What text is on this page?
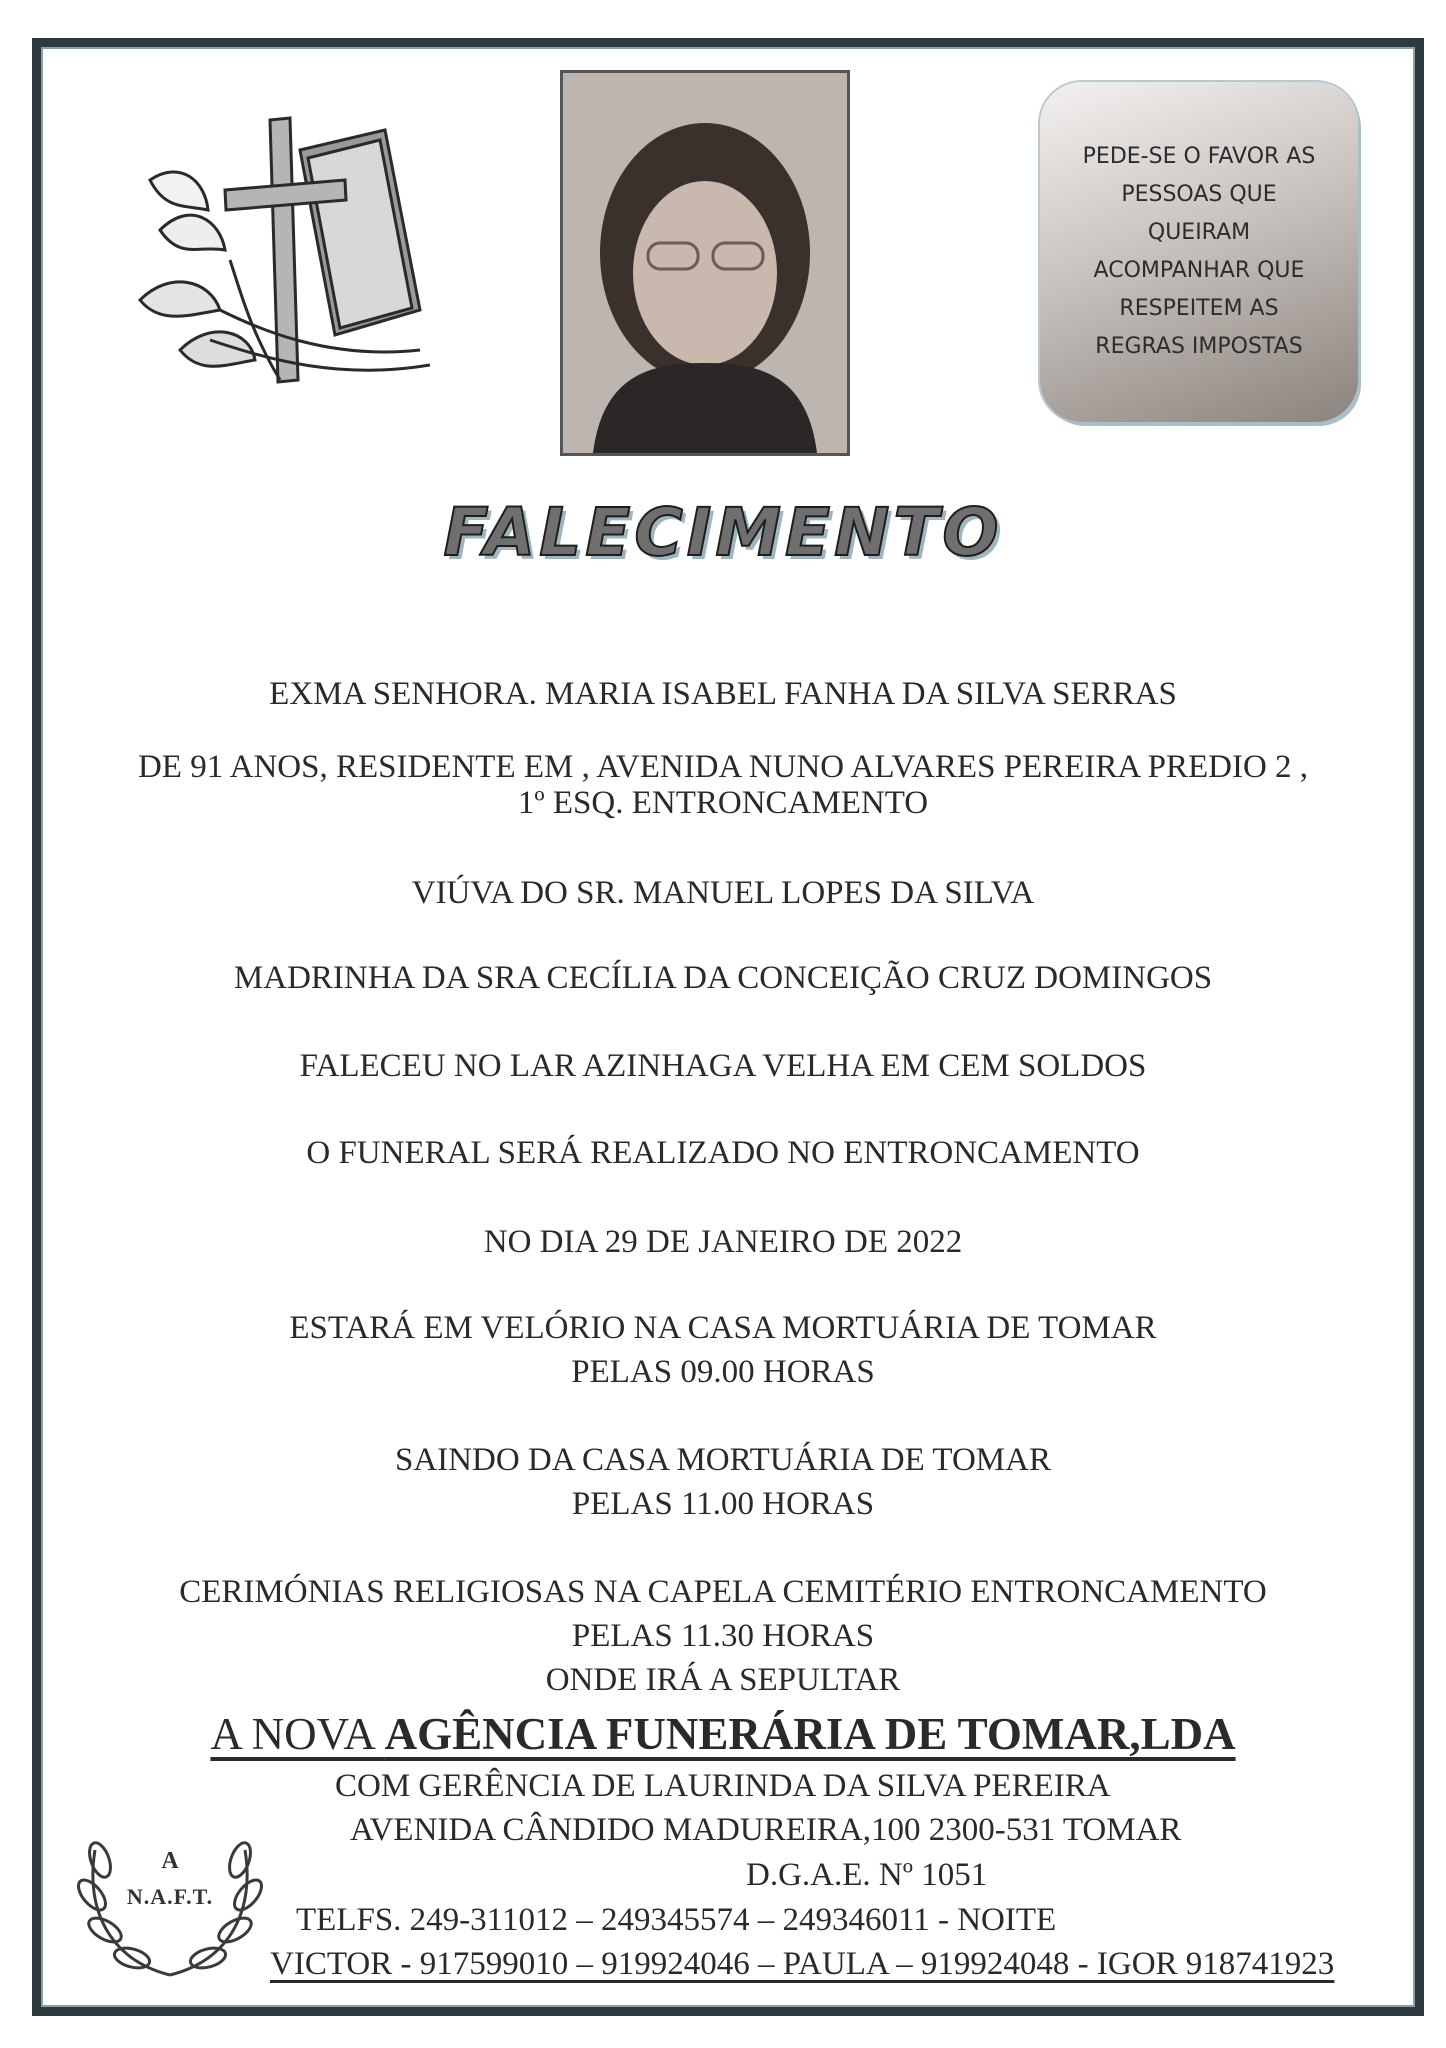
PEDE-SE O FAVOR AS
PESSOAS QUE
QUEIRAM
ACOMPANHAR QUE
RESPEITEM AS
REGRAS IMPOSTAS
FALECIMENTO
EXMA SENHORA. MARIA ISABEL FANHA DA SILVA SERRAS
DE 91 ANOS, RESIDENTE EM , AVENIDA NUNO ALVARES PEREIRA PREDIO 2 ,
1º ESQ. ENTRONCAMENTO
VIÚVA DO SR. MANUEL LOPES DA SILVA
MADRINHA DA SRA CECÍLIA DA CONCEIÇÃO CRUZ DOMINGOS
FALECEU NO LAR AZINHAGA VELHA EM CEM SOLDOS
O FUNERAL SERÁ REALIZADO NO ENTRONCAMENTO
NO DIA 29 DE JANEIRO DE 2022
ESTARÁ EM VELÓRIO NA CASA MORTUÁRIA DE TOMAR
PELAS 09.00 HORAS
SAINDO DA CASA MORTUÁRIA DE TOMAR
PELAS 11.00 HORAS
CERIMÓNIAS RELIGIOSAS NA CAPELA CEMITÉRIO ENTRONCAMENTO
PELAS 11.30 HORAS
ONDE IRÁ A SEPULTAR
A NOVA AGÊNCIA FUNERÁRIA DE TOMAR,LDA
COM GERÊNCIA DE LAURINDA DA SILVA PEREIRA
AVENIDA CÂNDIDO MADUREIRA,100 2300-531 TOMAR
D.G.A.E. Nº 1051
TELFS. 249-311012 – 249345574 – 249346011 - NOITE
VICTOR - 917599010 – 919924046 – PAULA – 919924048 - IGOR 918741923
A
N.A.F.T.
